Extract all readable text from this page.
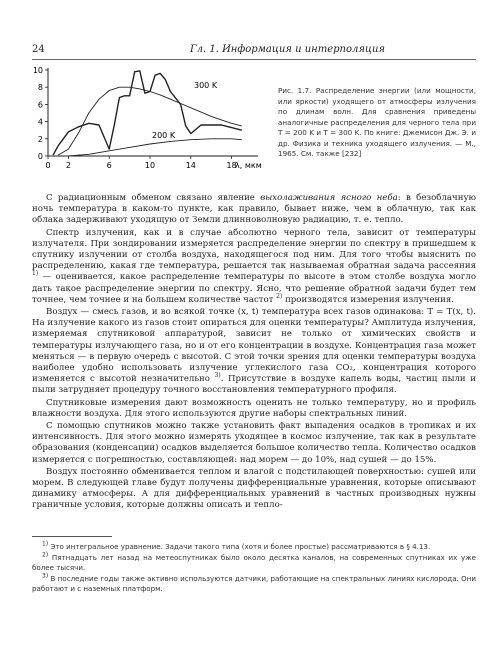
24	Гл. 1. Информация и интерполяция
0
2
4
6
8
10
0 2	6	10	14	18
300 K
200 K
λ, мкм
Рис. 1.7. Распределение энергии (или мощности, или яркости) уходящего от атмосферы излучения по длинам волн. Для сравнения приведены аналогичные распределения для черного тела при T = 200 K и T = 300 K. По книге: Джемисон Дж. Э. и др. Физика и техника уходящего излучения. — М., 1965. См. также [232]

С радиационным обменом связано явление выхолаживания ясного неба: в безоблачную ночь температура в каком-то пункте, как правило, бывает ниже, чем в облачную, так как облака задерживают уходящую от Земли длинноволновую радиацию, т. е. тепло.

Спектр излучения, как и в случае абсолютно черного тела, зависит от температуры излучателя. При зондировании измеряется распределение энергии по спектру в пришедшем к спутнику излучении от столба воздуха, находящегося под ним. Для того чтобы выяснить по распределению, какая где температура, решается так называемая обратная задача рассеяния $^{1)}$ — оценивается, какое распределение температуры по высоте в этом столбе воздуха могло дать такое распределение энергии по спектру. Ясно, что решение обратной задачи будет тем точнее, чем точнее и на большем количестве частот $^{2)}$ производятся измерения излучения.

Воздух — смесь газов, и во всякой точке (x, t) температура всех газов одинакова: T = T(x, t). На излучение какого из газов стоит опираться для оценки температуры? Амплитуда излучения, измеряемая спутниковой аппаратурой, зависит не только от химических свойств и температуры излучающего газа, но и от его концентрации в воздухе. Концентрация газа может меняться — в первую очередь с высотой. С этой точки зрения для оценки температуры воздуха наиболее удобно использовать излучение углекислого газа CO₂, концентрация которого изменяется с высотой незначительно $^{3)}$. Присутствие в воздухе капель воды, частиц пыли и пыли затрудняет процедуру точного восстановления температурного профиля.

Спутниковые измерения дают возможность оценить не только температуру, но и профиль влажности воздуха. Для этого используются другие наборы спектральных линий.

С помощью спутников можно также установить факт выпадения осадков в тропиках и их интенсивность. Для этого можно измерять уходящее в космос излучение, так как в результате образования (конденсации) осадков выделяется большое количество тепла. Количество осадков измеряется с погрешностью, составляющей: над морем — до 10%, над сушей — до 15%.

Воздух постоянно обменивается теплом и влагой с подстилающей поверхностью: сушей или морем. В следующей главе будут получены дифференциальные уравнения, которые описывают динамику атмосферы. А для дифференциальных уравнений в частных производных нужны граничные условия, которые должны описать и тепло-

$^{1)}$ Это интегральное уравнение. Задачи такого типа (хотя и более простые) рассматриваются в § 4.13.

$^{2)}$ Пятнадцать лет назад на метеоспутниках было около десятка каналов, на современных спутниках их уже более тысячи.

$^{3)}$ В последние годы также активно используются датчики, работающие на спектральных линиях кислорода. Они работают и с наземных платформ.
